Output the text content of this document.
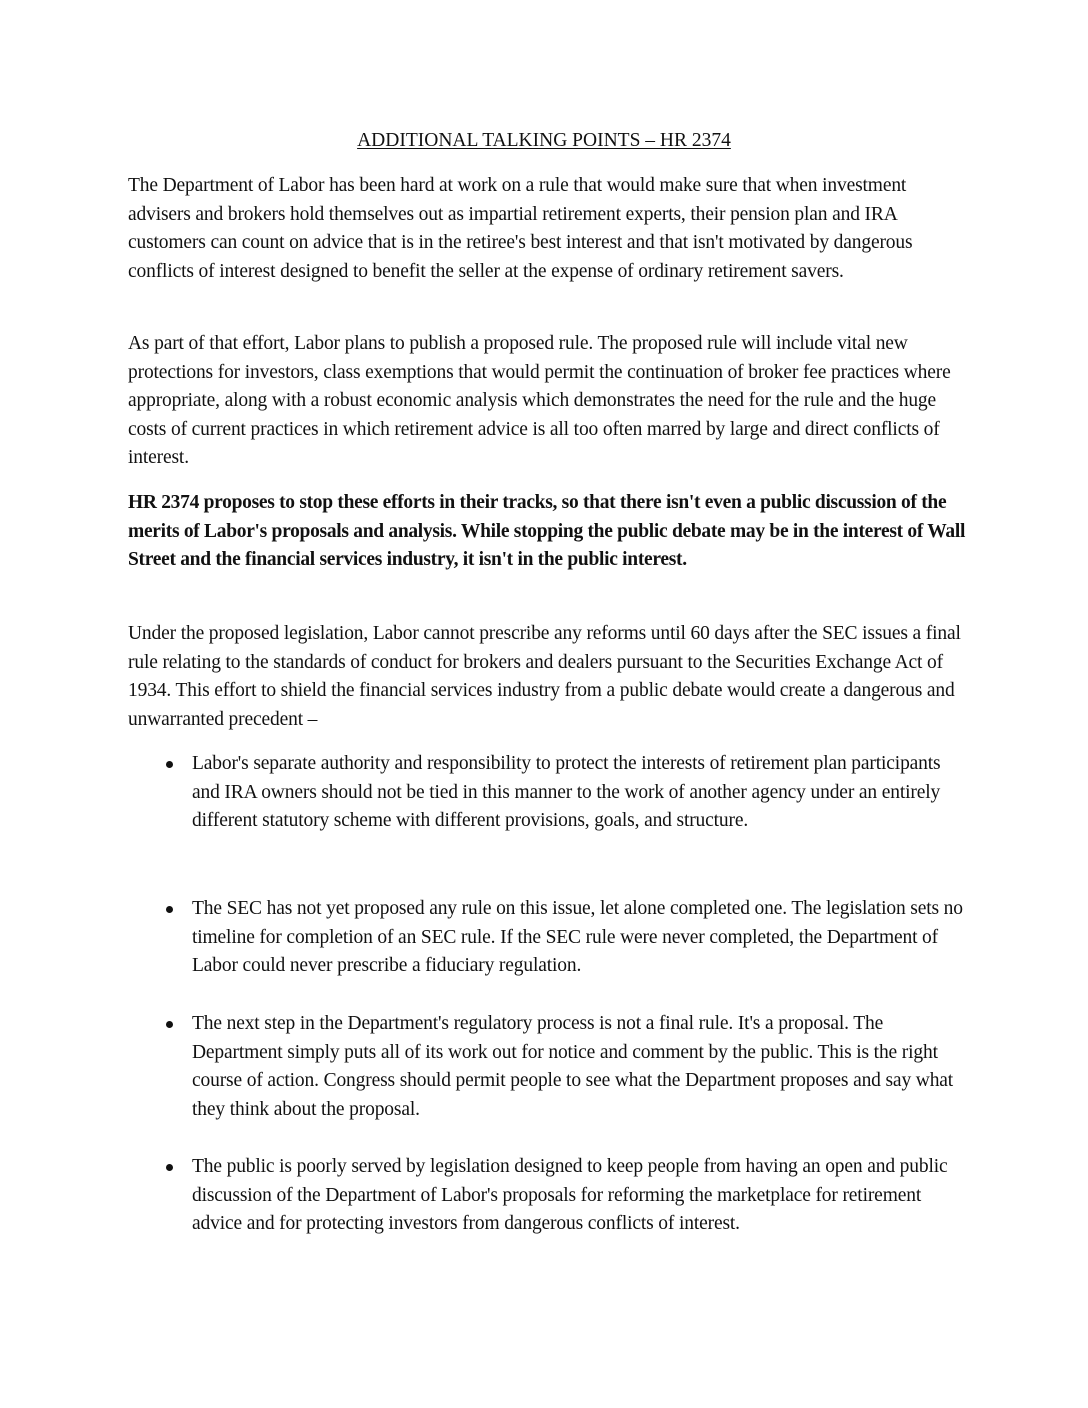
ADDITIONAL TALKING POINTS – HR 2374

The Department of Labor has been hard at work on a rule that would make sure that when investment advisers and brokers hold themselves out as impartial retirement experts, their pension plan and IRA customers can count on advice that is in the retiree's best interest and that isn't motivated by dangerous conflicts of interest designed to benefit the seller at the expense of ordinary retirement savers.

As part of that effort, Labor plans to publish a proposed rule. The proposed rule will include vital new protections for investors, class exemptions that would permit the continuation of broker fee practices where appropriate, along with a robust economic analysis which demonstrates the need for the rule and the huge costs of current practices in which retirement advice is all too often marred by large and direct conflicts of interest.

HR 2374 proposes to stop these efforts in their tracks, so that there isn't even a public discussion of the merits of Labor's proposals and analysis. While stopping the public debate may be in the interest of Wall Street and the financial services industry, it isn't in the public interest.

Under the proposed legislation, Labor cannot prescribe any reforms until 60 days after the SEC issues a final rule relating to the standards of conduct for brokers and dealers pursuant to the Securities Exchange Act of 1934. This effort to shield the financial services industry from a public debate would create a dangerous and unwarranted precedent –

Labor's separate authority and responsibility to protect the interests of retirement plan participants and IRA owners should not be tied in this manner to the work of another agency under an entirely different statutory scheme with different provisions, goals, and structure.
The SEC has not yet proposed any rule on this issue, let alone completed one. The legislation sets no timeline for completion of an SEC rule. If the SEC rule were never completed, the Department of Labor could never prescribe a fiduciary regulation.
The next step in the Department's regulatory process is not a final rule. It's a proposal. The Department simply puts all of its work out for notice and comment by the public. This is the right course of action. Congress should permit people to see what the Department proposes and say what they think about the proposal.
The public is poorly served by legislation designed to keep people from having an open and public discussion of the Department of Labor's proposals for reforming the marketplace for retirement advice and for protecting investors from dangerous conflicts of interest.
